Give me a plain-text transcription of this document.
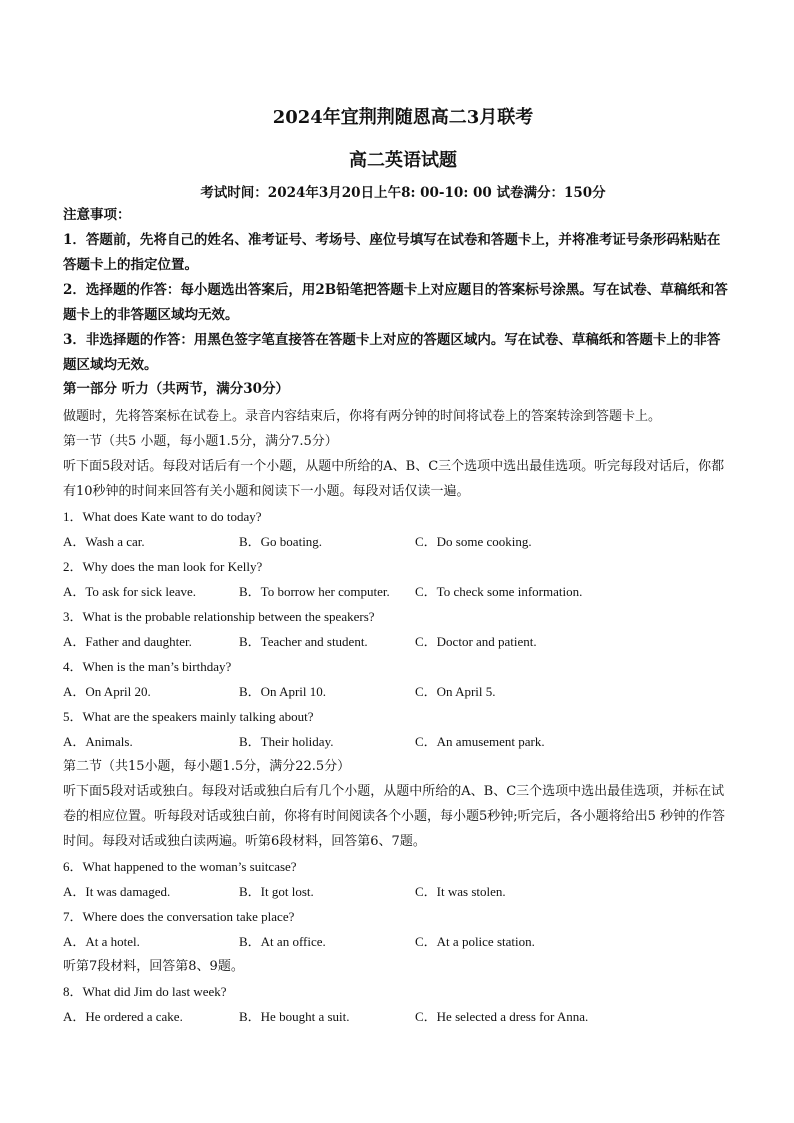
2024年宜荆荆随恩高二3月联考
高二英语试题
考试时间：2024年3月20日上午8: 00-10: 00 试卷满分：150分
注意事项：
1．答题前，先将自己的姓名、准考证号、考场号、座位号填写在试卷和答题卡上，并将准考证号条形码粘贴在答题卡上的指定位置。
2．选择题的作答：每小题选出答案后，用2B铅笔把答题卡上对应题目的答案标号涂黑。写在试卷、草稿纸和答题卡上的非答题区域均无效。
3．非选择题的作答：用黑色签字笔直接答在答题卡上对应的答题区域内。写在试卷、草稿纸和答题卡上的非答题区域均无效。
第一部分 听力（共两节，满分30分）
做题时，先将答案标在试卷上。录音内容结束后，你将有两分钟的时间将试卷上的答案转涂到答题卡上。
第一节（共5 小题，每小题1.5分，满分7.5分）
听下面5段对话。每段对话后有一个小题，从题中所给的A、B、C三个选项中选出最佳选项。听完每段对话后，你都有10秒钟的时间来回答有关小题和阅读下一小题。每段对话仅读一遍。
1．What does Kate want to do today?
A．Wash a car.	B．Go boating.	C．Do some cooking.
2．Why does the man look for Kelly?
A．To ask for sick leave.	B．To borrow her computer.	C．To check some information.
3．What is the probable relationship between the speakers?
A．Father and daughter.	B．Teacher and student.	C．Doctor and patient.
4．When is the man’s birthday?
A．On April 20.	B．On April 10.	C．On April 5.
5．What are the speakers mainly talking about?
A．Animals.	B．Their holiday.	C．An amusement park.
第二节（共15小题，每小题1.5分，满分22.5分）
听下面5段对话或独白。每段对话或独白后有几个小题，从题中所给的A、B、C三个选项中选出最佳选项，并标在试卷的相应位置。听每段对话或独白前，你将有时间阅读各个小题，每小题5秒钟;听完后，各小题将给出5 秒钟的作答时间。每段对话或独白读两遍。听第6段材料，回答第6、7题。
6．What happened to the woman’s suitcase?
A．It was damaged.	B．It got lost.	C．It was stolen.
7．Where does the conversation take place?
A．At a hotel.	B．At an office.	C．At a police station.
听第7段材料，回答第8、9题。
8．What did Jim do last week?
A．He ordered a cake.	B．He bought a suit.	C．He selected a dress for Anna.
